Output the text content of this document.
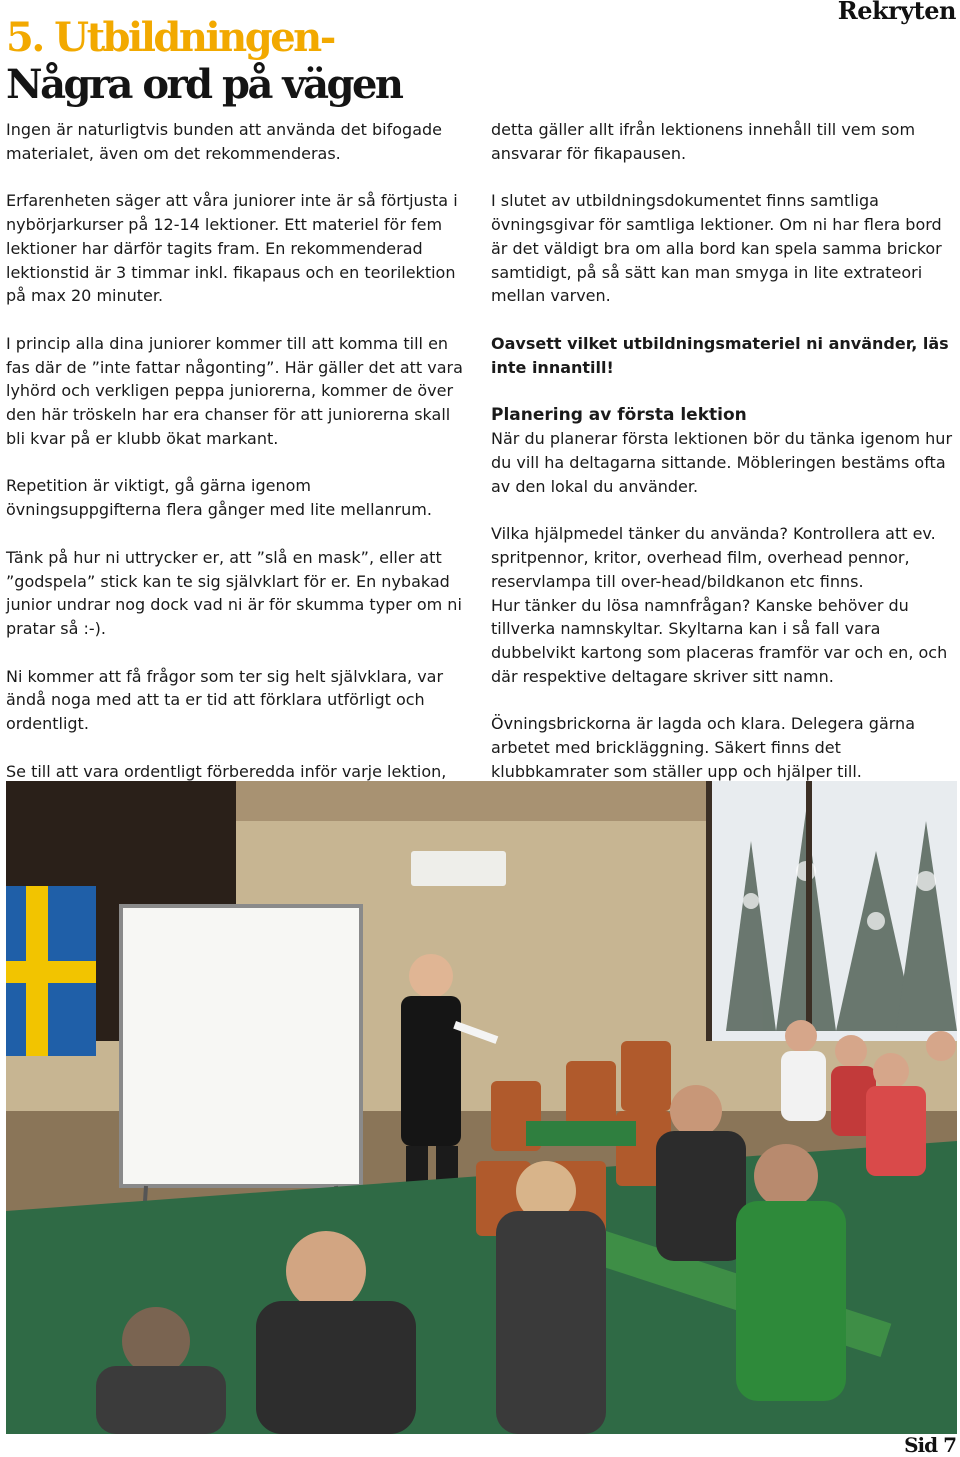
Rekryten
5. Utbildningen-
Några ord på vägen

Ingen är naturligtvis bunden att använda det bifogade materialet, även om det rekommenderas.

Erfarenheten säger att våra juniorer inte är så förtjusta i nybörjarkurser på 12-14 lektioner. Ett materiel för fem lektioner har därför tagits fram. En rekommenderad lektionstid är 3 timmar inkl. fikapaus och en teorilektion på max 20 minuter.

I princip alla dina juniorer kommer till att komma till en fas där de ”inte fattar någonting”. Här gäller det att vara lyhörd och verkligen peppa juniorerna, kommer de över den här tröskeln har era chanser för att juniorerna skall bli kvar på er klubb ökat markant.

Repetition är viktigt, gå gärna igenom övningsuppgifterna flera gånger med lite mellanrum.

Tänk på hur ni uttrycker er, att ”slå en mask”, eller att ”godspela” stick kan te sig självklart för er. En nybakad junior undrar nog dock vad ni är för skumma typer om ni pratar så :-).

Ni kommer att få frågor som ter sig helt självklara, var ändå noga med att ta er tid att förklara utförligt och ordentligt.

Se till att vara ordentligt förberedda inför varje lektion,

detta gäller allt ifrån lektionens innehåll till vem som ansvarar för fikapausen.

I slutet av utbildningsdokumentet finns samtliga övningsgivar för samtliga lektioner. Om ni har flera bord är det väldigt bra om alla bord kan spela samma brickor samtidigt, på så sätt kan man smyga in lite extrateori mellan varven.

Oavsett vilket utbildningsmateriel ni använder, läs inte innantill!

Planering av första lektion

När du planerar första lektionen bör du tänka igenom hur du vill ha deltagarna sittande. Möbleringen bestäms ofta av den lokal du använder.

Vilka hjälpmedel tänker du använda? Kontrollera att ev. spritpennor, kritor, overhead film, overhead pennor, reservlampa till over-head/bildkanon etc finns.

Hur tänker du lösa namnfrågan? Kanske behöver du tillverka namnskyltar. Skyltarna kan i så fall vara dubbelvikt kartong som placeras framför var och en, och där respektive deltagare skriver sitt namn.

Övningsbrickorna är lagda och klara. Delegera gärna arbetet med brickläggning. Säkert finns det klubbkamrater som ställer upp och hjälper till.

Sid 7
